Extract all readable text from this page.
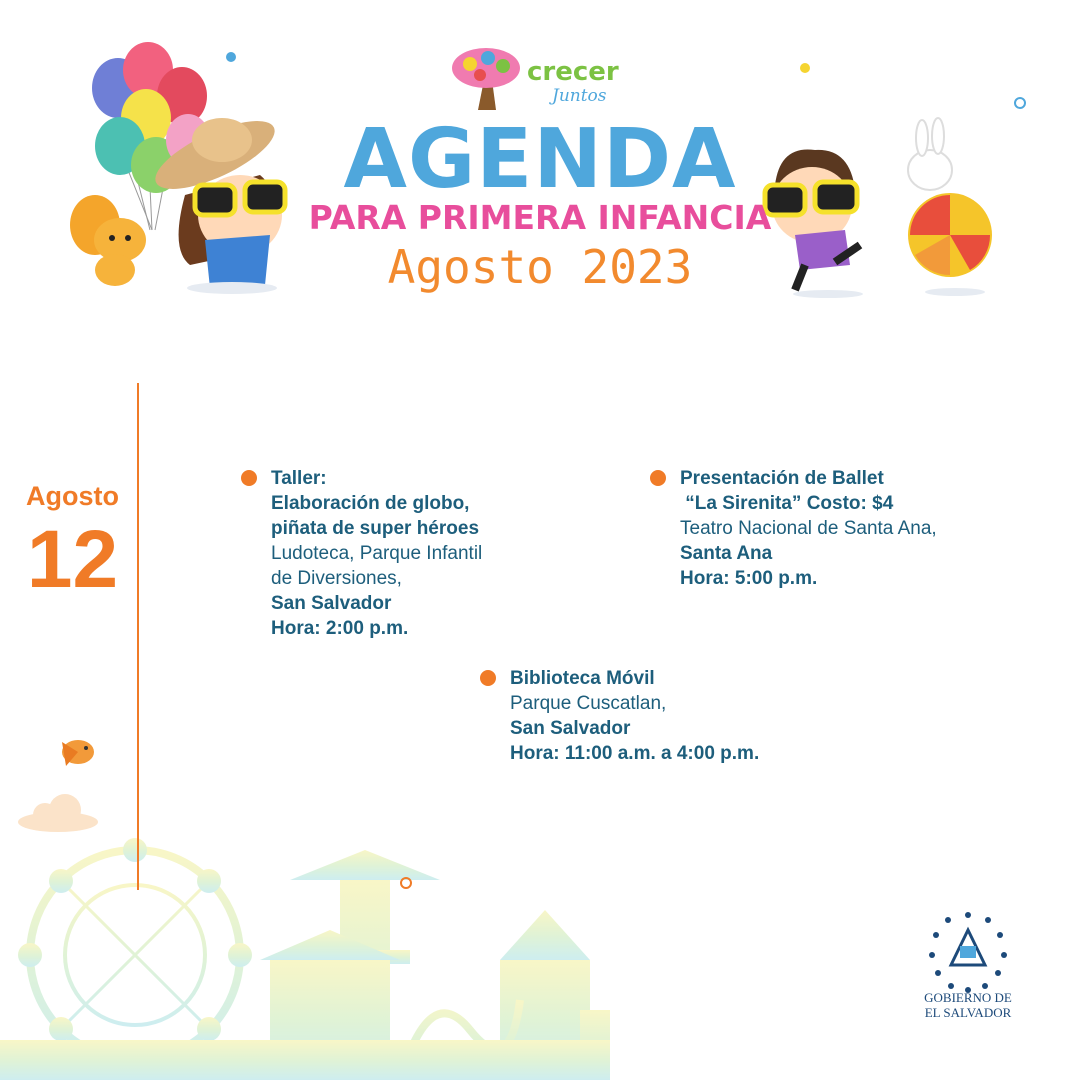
crecer
Juntos
AGENDA
PARA PRIMERA INFANCIA
Agosto 2023
Agosto
12
Taller:
Elaboración de globo,
piñata de super héroes
Ludoteca, Parque Infantil
de Diversiones,
San Salvador
Hora: 2:00 p.m.
Presentación de Ballet
“La Sirenita” Costo: $4
Teatro Nacional de Santa Ana,
Santa Ana
Hora: 5:00 p.m.
Biblioteca Móvil
Parque Cuscatlan,
San Salvador
Hora: 11:00 a.m. a 4:00 p.m.
GOBIERNO DE
EL SALVADOR
